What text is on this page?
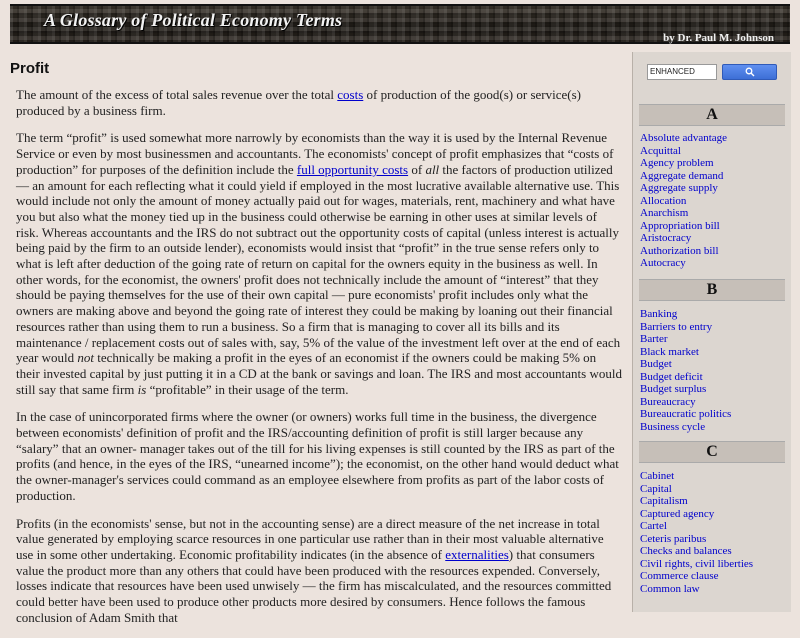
A Glossary of Political Economy Terms
by Dr. Paul M. Johnson
Profit

The amount of the excess of total sales revenue over the total costs of production of the good(s) or service(s) produced by a business firm.

The term “profit” is used somewhat more narrowly by economists than the way it is used by the Internal Revenue Service or even by most businessmen and accountants. The economists' concept of profit emphasizes that “costs of production” for purposes of the definition include the full opportunity costs of all the factors of production utilized — an amount for each reflecting what it could yield if employed in the most lucrative available alternative use. This would include not only the amount of money actually paid out for wages, materials, rent, machinery and what have you but also what the money tied up in the business could otherwise be earning in other uses at similar levels of risk. Whereas accountants and the IRS do not subtract out the opportunity costs of capital (unless interest is actually being paid by the firm to an outside lender), economists would insist that “profit” in the true sense refers only to what is left after deduction of the going rate of return on capital for the owners equity in the business as well. In other words, for the economist, the owners' profit does not technically include the amount of “interest” that they should be paying themselves for the use of their own capital — pure economists' profit includes only what the owners are making above and beyond the going rate of interest they could be making by loaning out their financial resources rather than using them to run a business. So a firm that is managing to cover all its bills and its maintenance / replacement costs out of sales with, say, 5% of the value of the investment left over at the end of each year would not technically be making a profit in the eyes of an economist if the owners could be making 5% on their invested capital by just putting it in a CD at the bank or savings and loan. The IRS and most accountants would still say that same firm is “profitable” in their usage of the term.

In the case of unincorporated firms where the owner (or owners) works full time in the business, the divergence between economists' definition of profit and the IRS/accounting definition of profit is still larger because any “salary” that an owner- manager takes out of the till for his living expenses is still counted by the IRS as part of the profits (and hence, in the eyes of the IRS, “unearned income”); the economist, on the other hand would deduct what the owner-manager's services could command as an employee elsewhere from profits as part of the labor costs of production.

Profits (in the economists' sense, but not in the accounting sense) are a direct measure of the net increase in total value generated by employing scarce resources in one particular use rather than in their most valuable alternative use in some other undertaking. Economic profitability indicates (in the absence of externalities) that consumers value the product more than any others that could have been produced with the resources expended. Conversely, losses indicate that resources have been used unwisely — the firm has miscalculated, and the resources committed could better have been used to produce other products more desired by consumers. Hence follows the famous conclusion of Adam Smith that

ENHANCED
A
Absolute advantage
Acquittal
Agency problem
Aggregate demand
Aggregate supply
Allocation
Anarchism
Appropriation bill
Aristocracy
Authorization bill
Autocracy
B
Banking
Barriers to entry
Barter
Black market
Budget
Budget deficit
Budget surplus
Bureaucracy
Bureaucratic politics
Business cycle
C
Cabinet
Capital
Capitalism
Captured agency
Cartel
Ceteris paribus
Checks and balances
Civil rights, civil liberties
Commerce clause
Common law
